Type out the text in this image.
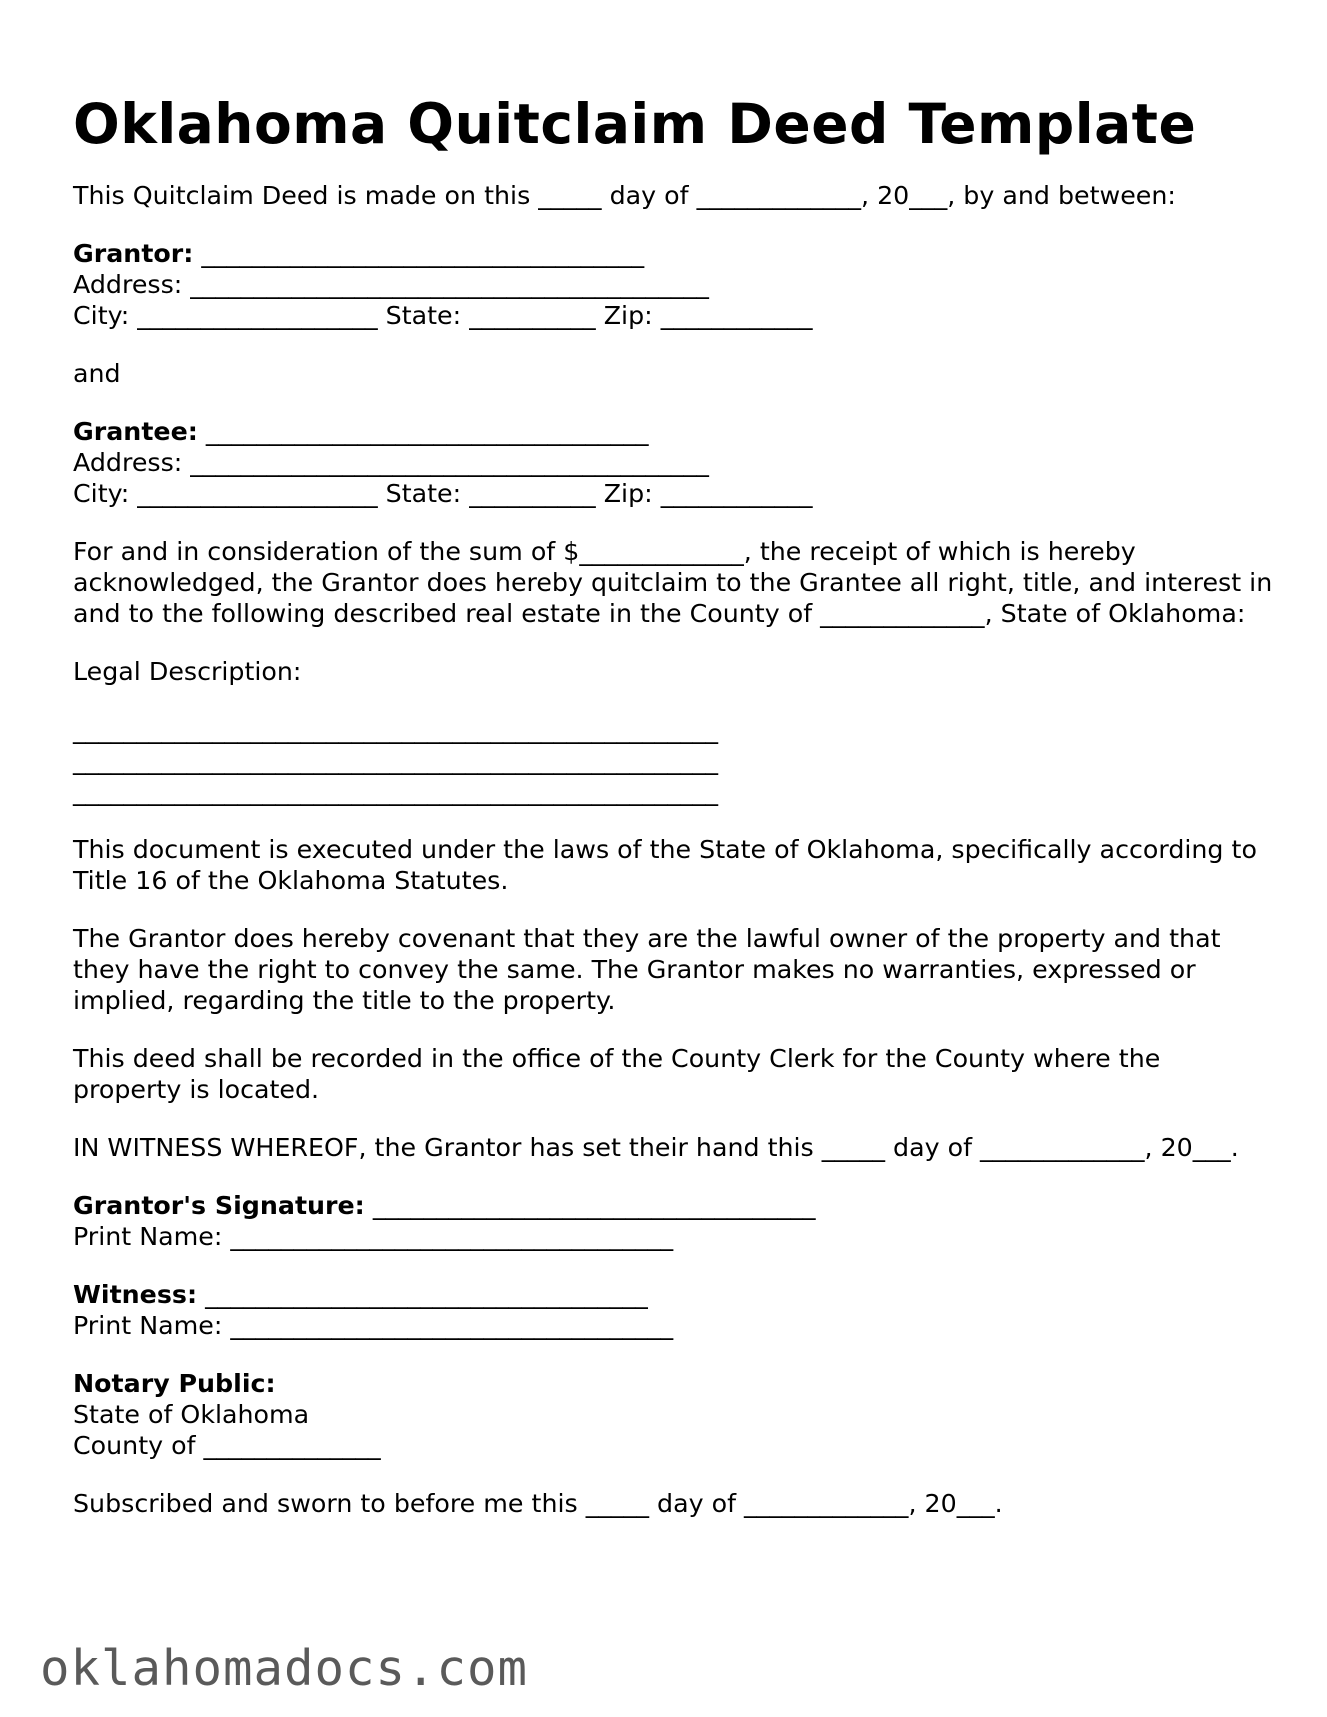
Oklahoma Quitclaim Deed Template

This Quitclaim Deed is made on this _____ day of _____________, 20___, by and between:

Grantor: ___________________________________

Address: _________________________________________

City: ___________________ State: __________ Zip: ____________

and

Grantee: ___________________________________

Address: _________________________________________

City: ___________________ State: __________ Zip: ____________

For and in consideration of the sum of $_____________, the receipt of which is hereby acknowledged, the Grantor does hereby quitclaim to the Grantee all right, title, and interest in and to the following described real estate in the County of _____________, State of Oklahoma:

Legal Description:

___________________________________________________

___________________________________________________

___________________________________________________

This document is executed under the laws of the State of Oklahoma, specifically according to Title 16 of the Oklahoma Statutes.

The Grantor does hereby covenant that they are the lawful owner of the property and that they have the right to convey the same. The Grantor makes no warranties, expressed or implied, regarding the title to the property.

This deed shall be recorded in the office of the County Clerk for the County where the property is located.

IN WITNESS WHEREOF, the Grantor has set their hand this _____ day of _____________, 20___.

Grantor's Signature: ___________________________________

Print Name: ___________________________________

Witness: ___________________________________

Print Name: ___________________________________

Notary Public:

State of Oklahoma

County of ______________

Subscribed and sworn to before me this _____ day of _____________, 20___.

oklahomadocs.com
